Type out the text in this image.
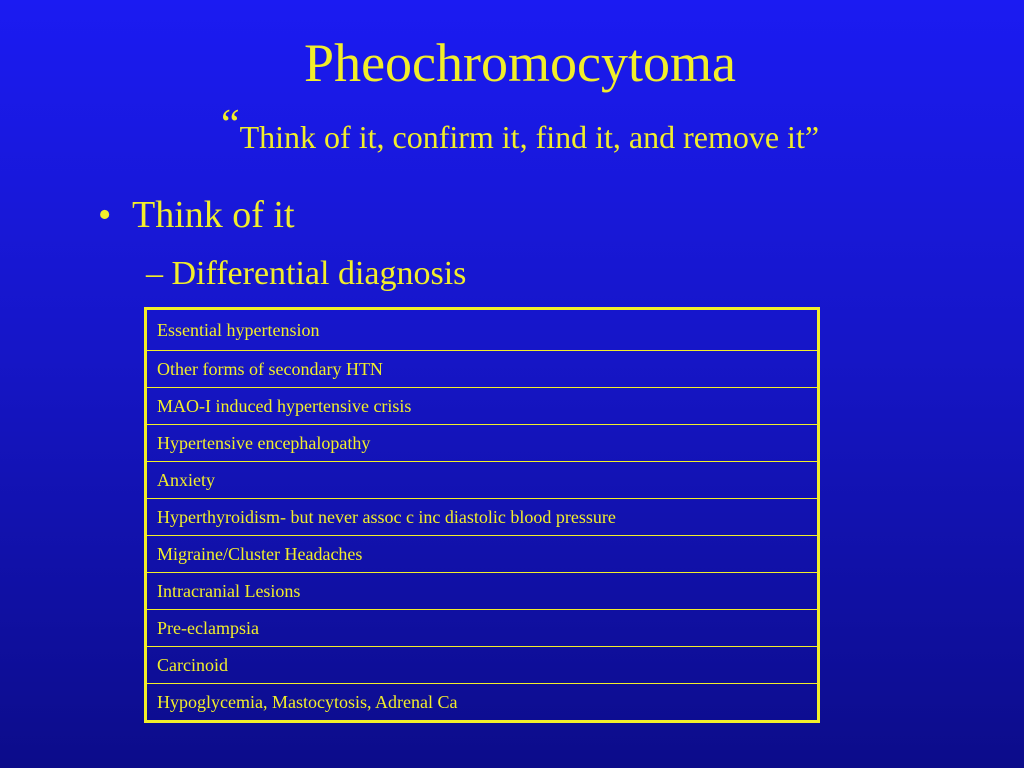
Pheochromocytoma
“Think of it, confirm it, find it, and remove it”
• Think of it
– Differential diagnosis
Essential hypertension
Other forms of secondary HTN
MAO-I induced hypertensive crisis
Hypertensive encephalopathy
Anxiety
Hyperthyroidism- but never assoc c inc diastolic blood pressure
Migraine/Cluster Headaches
Intracranial Lesions
Pre-eclampsia
Carcinoid
Hypoglycemia, Mastocytosis, Adrenal Ca
